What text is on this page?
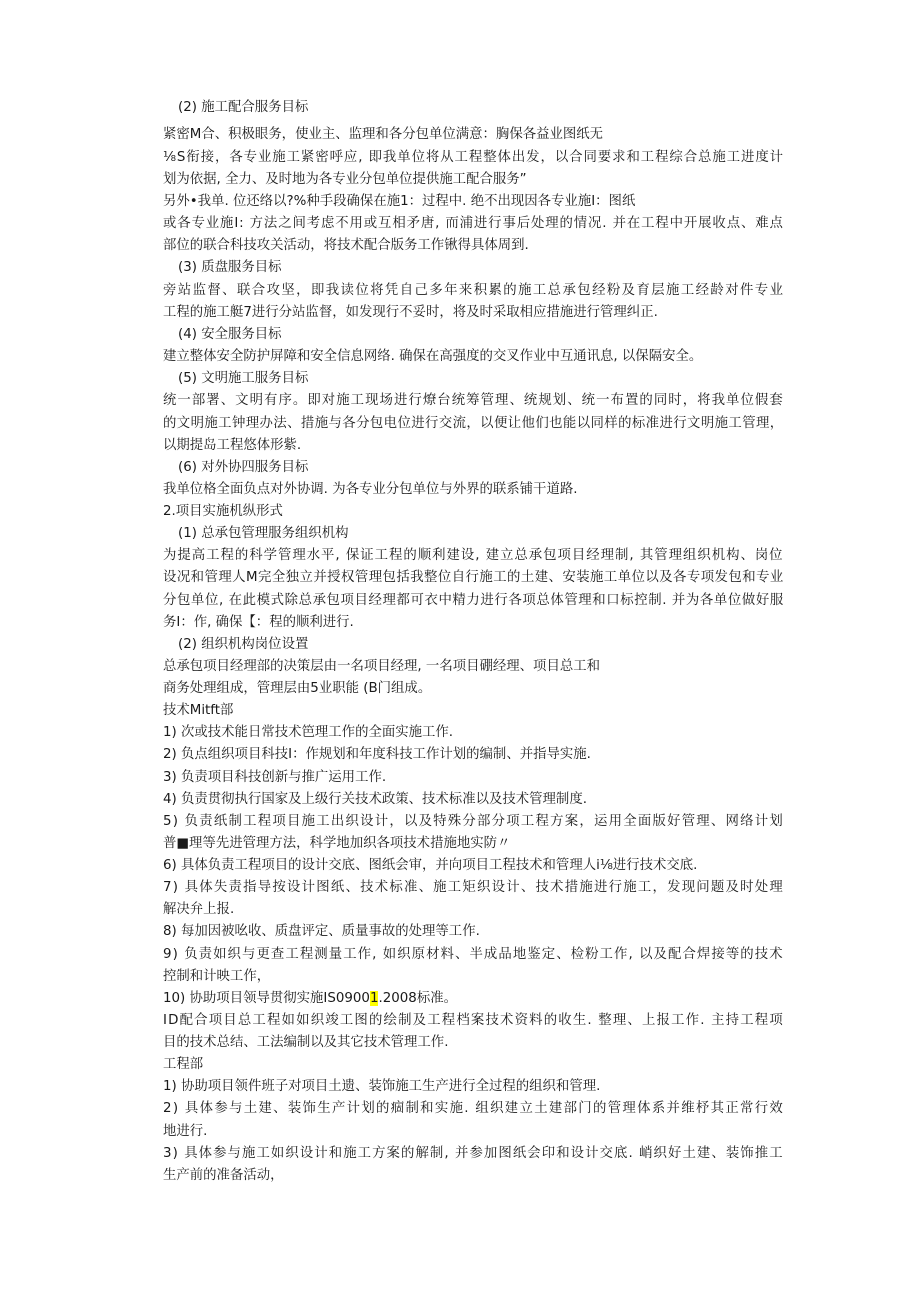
(2) 施工配合服务目标
紧密M合、积极眼务，使业主、监理和各分包单位满意：胸保各益业图纸无
⅛S衔接，各专业施工紧密呼应, 即我单位将从工程整体出发，以合同要求和工程综合总施工进度计
划为依据, 全力、及时地为各专业分包单位提供施工配合服务”
另外•我单. 位还络以?%种手段确保在施1：过程中. 绝不出现因各专业施I：图纸
或各专业施I: 方法之间考虑不用或互相矛唐, 而浦进行事后处理的情况. 并在工程中开展收点、难点
部位的联合科技攻关活动，将技术配合版务工作锹得具体周到.
(3) 质盘服务目标
旁站监督、联合攻坚，即我读位将凭自己多年来积累的施工总承包经粉及育层施工经龄对件专业
工程的施工艇7进行分站监督，如发现行不妥时，将及时采取相应措施进行管理纠正.
(4) 安全服务目标
建立整体安全防护屏障和安全信息网络. 确保在高强度的交叉作业中互通讯息, 以保隔安全。
(5) 文明施工服务目标
统一部署、文明有序。即对施工现场进行燎台统筹管理、统规划、统一布置的同时，将我单位假套
的文明施工钟理办法、措施与各分包电位进行交流，以便让他们也能以同样的标准进行文明施工管理，
以期提岛工程悠体形紫.
(6) 对外协四服务目标
我单位格全面负点对外协调. 为各专业分包单位与外界的联系铺干道路.
2.项目实施机纵形式
(1) 总承包管理服务组织机构
为提高工程的科学管理水平, 保证工程的顺利建设, 建立总承包项目经理制, 其管理组织机构、岗位
设况和管理人M完全独立并授权管理包括我整位自行施工的土建、安装施工单位以及各专项发包和专业
分包单位, 在此模式除总承包项目经理都可衣中精力进行各项总体管理和口标控制. 并为各单位做好服
务I：作, 确保【：程的顺利进行.
(2) 组织机构岗位设置
总承包项目经理部的决策层由一名项目经理, 一名项目硼经理、项目总工和
商务处理组成，管理层由5业职能 (B门组成。
技术Mitft部
1) 次或技术能日常技术笆理工作的全面实施工作.
2) 负点组织项目科技I：作规划和年度科技工作计划的编制、并指导实施.
3) 负责项目科技创新与推广运用工作.
4) 负责贯彻执行国家及上级行关技术政策、技术标准以及技术管理制度.
5) 负责纸制工程项目施工出织设计，以及特殊分部分项工程方案，运用全面版好管理、网络计划
普■理等先进管理方法，科学地加织各项技术措施地实防〃
6) 具体负责工程项目的设计交底、图纸会审，并向项目工程技术和管理人i⅛进行技术交底.
7) 具体失责指导按设计图纸、技术标准、施工矩织设计、技术措施进行施工，发现问题及时处理
解决弁上报.
8) 每加因被吆收、质盘评定、质量事故的处理等工作.
9) 负责如织与更查工程测量工作, 如织原材料、半成品地鉴定、检粉工作, 以及配合焊接等的技术
控制和计映工作，
10) 协助项目领导贯彻实施IS09001.2008标准。
ID配合项目总工程如如织竣工图的绘制及工程档案技术资料的收生. 整理、上报工作. 主持工程项
目的技术总结、工法编制以及其它技术管理工作.
工程部
1) 协助项目领件班子对项目土遗、装饰施工生产进行全过程的组织和管理.
2) 具体参与土建、装饰生产计划的痼制和实施. 组织建立土建部门的管理体系并维杼其正常行效
地进行.
3) 具体参与施工如织设计和施工方案的解制, 并参加图纸会印和设计交底. 峭织好土建、装饰推工
生产前的准备活动，
